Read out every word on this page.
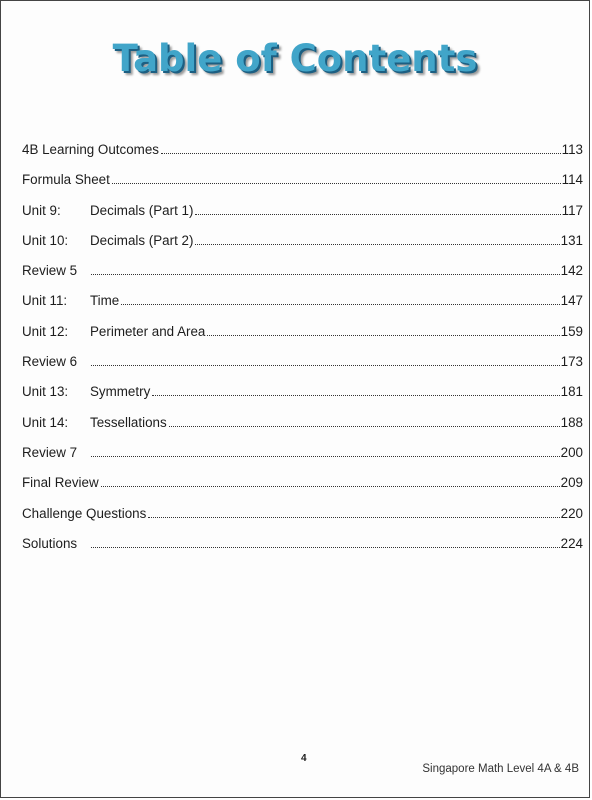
Table of Contents
4B Learning Outcomes	113
Formula Sheet	114
Unit 9:	Decimals (Part 1)	117
Unit 10:	Decimals (Part 2)	131
Review 5	142
Unit 11:	Time	147
Unit 12:	Perimeter and Area	159
Review 6	173
Unit 13:	Symmetry	181
Unit 14:	Tessellations	188
Review 7	200
Final Review	209
Challenge Questions	220
Solutions	224
4
Singapore Math Level 4A & 4B
